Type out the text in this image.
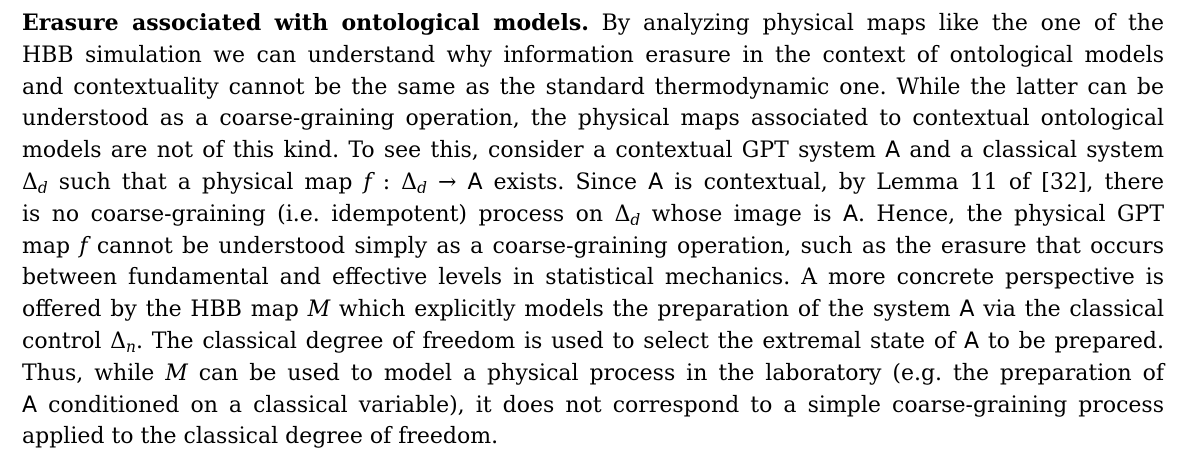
Erasure associated with ontological models. By analyzing physical maps like the one of the
HBB simulation we can understand why information erasure in the context of ontological models
and contextuality cannot be the same as the standard thermodynamic one. While the latter can be
understood as a coarse-graining operation, the physical maps associated to contextual ontological
models are not of this kind. To see this, consider a contextual GPT system A and a classical system
$\Delta_d$ such that a physical map f : $\Delta_d \to A$ exists. Since A is contextual, by Lemma 11 of [32], there
is no coarse-graining (i.e. idempotent) process on $\Delta_d$ whose image is A. Hence, the physical GPT
map f cannot be understood simply as a coarse-graining operation, such as the erasure that occurs
between fundamental and effective levels in statistical mechanics. A more concrete perspective is
offered by the HBB map M which explicitly models the preparation of the system A via the classical
control $\Delta_n$. The classical degree of freedom is used to select the extremal state of A to be prepared.
Thus, while M can be used to model a physical process in the laboratory (e.g. the preparation of
A conditioned on a classical variable), it does not correspond to a simple coarse-graining process
applied to the classical degree of freedom.
